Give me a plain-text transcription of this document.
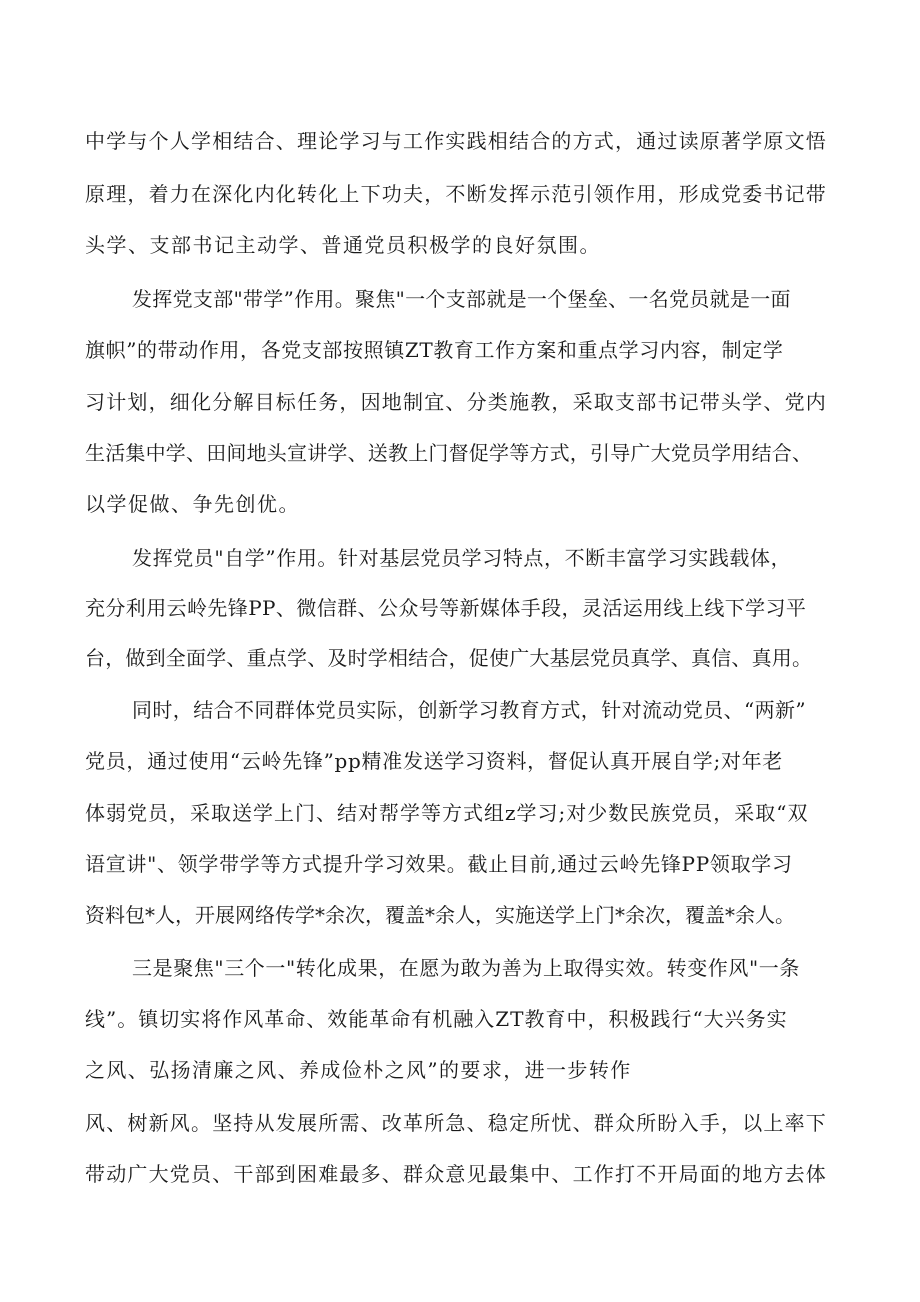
中学与个人学相结合、理论学习与工作实践相结合的方式，通过读原著学原文悟
原理，着力在深化内化转化上下功夫，不断发挥示范引领作用，形成党委书记带
头学、支部书记主动学、普通党员积极学的良好氛围。
发挥党支部"带学”作用。聚焦"一个支部就是一个堡垒、一名党员就是一面
旗帜”的带动作用，各党支部按照镇ZT教育工作方案和重点学习内容，制定学
习计划，细化分解目标任务，因地制宜、分类施教，采取支部书记带头学、党内
生活集中学、田间地头宣讲学、送教上门督促学等方式，引导广大党员学用结合、
以学促做、争先创优。
发挥党员"自学”作用。针对基层党员学习特点，不断丰富学习实践载体，
充分利用云岭先锋PP、微信群、公众号等新媒体手段，灵活运用线上线下学习平
台，做到全面学、重点学、及时学相结合，促使广大基层党员真学、真信、真用。
同时，结合不同群体党员实际，创新学习教育方式，针对流动党员、“两新”
党员，通过使用“云岭先锋”pp精准发送学习资料，督促认真开展自学;对年老
体弱党员，采取送学上门、结对帮学等方式组z学习;对少数民族党员，采取“双
语宣讲"、领学带学等方式提升学习效果。截止目前,通过云岭先锋PP领取学习
资料包*人，开展网络传学*余次，覆盖*余人，实施送学上门*余次，覆盖*余人。
三是聚焦"三个一"转化成果，在愿为敢为善为上取得实效。转变作风"一条
线”。镇切实将作风革命、效能革命有机融入ZT教育中，积极践行“大兴务实
之风、弘扬清廉之风、养成俭朴之风”的要求，进一步转作
风、树新风。坚持从发展所需、改革所急、稳定所忧、群众所盼入手，以上率下
带动广大党员、干部到困难最多、群众意见最集中、工作打不开局面的地方去体
